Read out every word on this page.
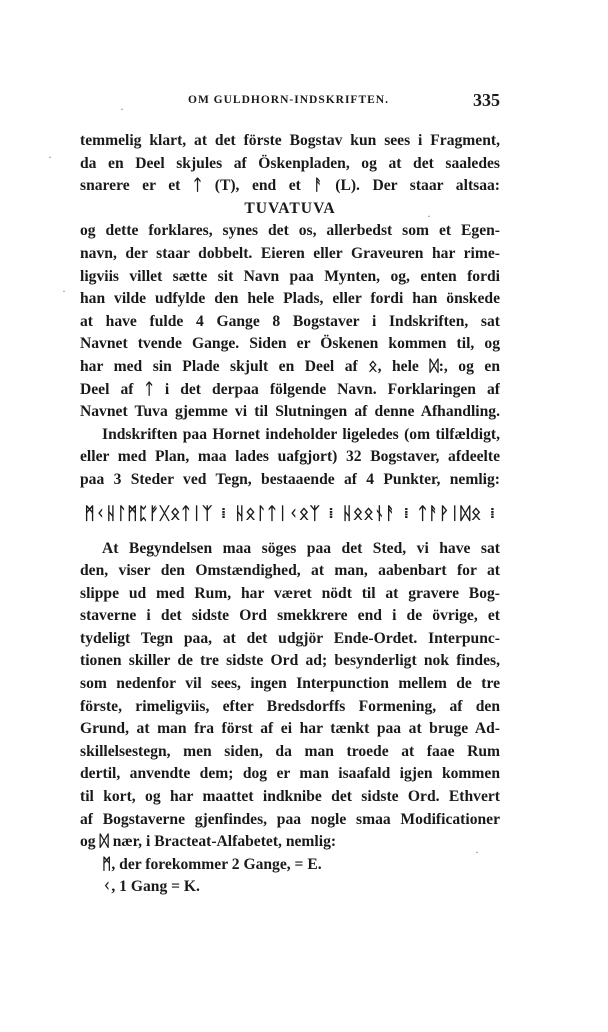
OM GULDHORN-INDSKRIFTEN.	335
temmelig klart, at det förste Bogstav kun sees i Fragment,
da en Deel skjules af Öskenpladen, og at det saaledes
snarere er et ᛏ (T), end et ᚨ (L). Der staar altsaa:
TUVATUVA
og dette forklares, synes det os, allerbedst som et Egen-
navn, der staar dobbelt. Eieren eller Graveuren har rime-
ligviis villet sætte sit Navn paa Mynten, og, enten fordi
han vilde udfylde den hele Plads, eller fordi han önskede
at have fulde 4 Gange 8 Bogstaver i Indskriften, sat
Navnet tvende Gange. Siden er Öskenen kommen til, og
har med sin Plade skjult en Deel af ᛟ, hele ᛞ:, og en
Deel af ᛏ i det derpaa fölgende Navn. Forklaringen af
Navnet Tuva gjemme vi til Slutningen af denne Afhandling.
Indskriften paa Hornet indeholder ligeledes (om tilfældigt,
eller med Plan, maa lades uafgjort) 32 Bogstaver, afdeelte
paa 3 Steder ved Tegn, bestaaende af 4 Punkter, nemlig:
ᛗᚲᚺᛚᛗᛈᚠᚷᛟᛏᛁᛉ ⁞ ᚺᛟᛚᛏᛁᚲᛟᛉ ⁞ ᚺᛟᛟᚾᚨ ⁞ ᛏᚨᚹᛁᛞᛟ ⁞
At Begyndelsen maa söges paa det Sted, vi have sat
den, viser den Omstændighed, at man, aabenbart for at
slippe ud med Rum, har været nödt til at gravere Bog-
staverne i det sidste Ord smekkrere end i de övrige, et
tydeligt Tegn paa, at det udgjör Ende-Ordet. Interpunc-
tionen skiller de tre sidste Ord ad; besynderligt nok findes,
som nedenfor vil sees, ingen Interpunction mellem de tre
förste, rimeligviis, efter Bredsdorffs Formening, af den
Grund, at man fra först af ei har tænkt paa at bruge Ad-
skillelsestegn, men siden, da man troede at faae Rum
dertil, anvendte dem; dog er man isaafald igjen kommen
til kort, og har maattet indknibe det sidste Ord. Ethvert
af Bogstaverne gjenfindes, paa nogle smaa Modificationer
og ᛞ nær, i Bracteat-Alfabetet, nemlig:
ᛗ, der forekommer 2 Gange, = E.
ᚲ, 1 Gang = K.
·
·
·
·
·
